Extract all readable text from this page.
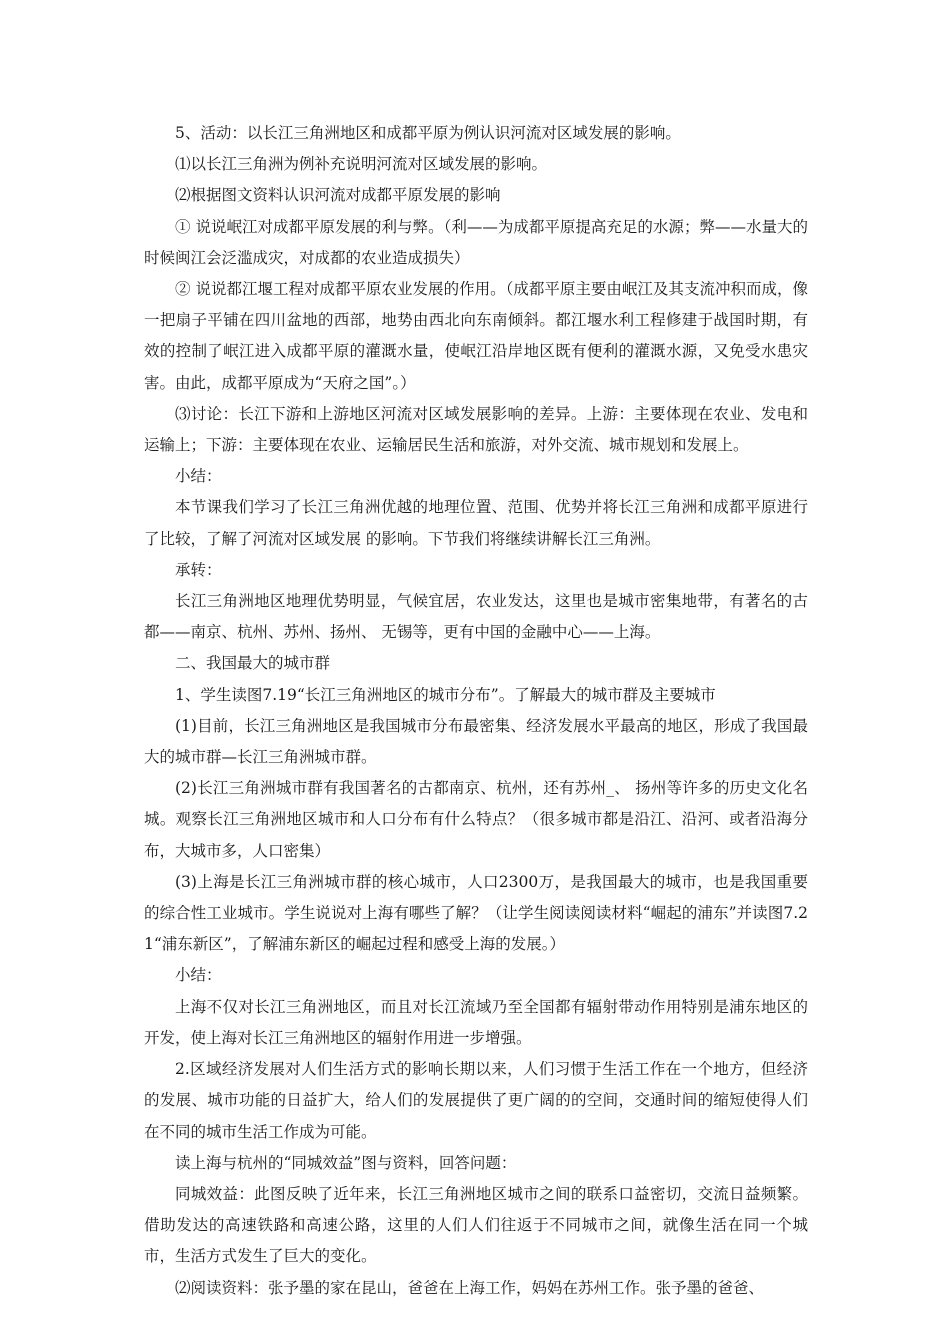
5、活动：以长江三角洲地区和成都平原为例认识河流对区域发展的影响。

⑴以长江三角洲为例补充说明河流对区域发展的影响。

⑵根据图文资料认识河流对成都平原发展的影响

① 说说岷江对成都平原发展的利与弊。（利——为成都平原提高充足的水源；弊——水量大的时候闽江会泛滥成灾，对成都的农业造成损失）

② 说说都江堰工程对成都平原农业发展的作用。（成都平原主要由岷江及其支流冲积而成，像一把扇子平铺在四川盆地的西部，地势由西北向东南倾斜。都江堰水利工程修建于战国时期，有效的控制了岷江进入成都平原的灌溉水量，使岷江沿岸地区既有便利的灌溉水源，又免受水患灾害。由此，成都平原成为“天府之国”。）

⑶讨论：长江下游和上游地区河流对区域发展影响的差异。上游：主要体现在农业、发电和运输上；下游：主要体现在农业、运输居民生活和旅游，对外交流、城市规划和发展上。

小结：

本节课我们学习了长江三角洲优越的地理位置、范围、优势并将长江三角洲和成都平原进行了比较，了解了河流对区域发展 的影响。下节我们将继续讲解长江三角洲。

承转：

长江三角洲地区地理优势明显，气候宜居，农业发达，这里也是城市密集地带，有著名的古都——南京、杭州、苏州、扬州、 无锡等，更有中国的金融中心——上海。

二、我国最大的城市群

1、学生读图7.19“长江三角洲地区的城市分布”。了解最大的城市群及主要城市

(1)目前，长江三角洲地区是我国城市分布最密集、经济发展水平最高的地区，形成了我国最大的城市群—长江三角洲城市群。

(2)长江三角洲城市群有我国著名的古都南京、杭州，还有苏州_、 扬州等许多的历史文化名城。观察长江三角洲地区城市和人口分布有什么特点？（很多城市都是沿江、沿河、或者沿海分布，大城市多，人口密集）

(3)上海是长江三角洲城市群的核心城市，人口2300万，是我国最大的城市，也是我国重要的综合性工业城市。学生说说对上海有哪些了解？（让学生阅读阅读材料“崛起的浦东”并读图7.21“浦东新区”，了解浦东新区的崛起过程和感受上海的发展。）

小结：

上海不仅对长江三角洲地区，而且对长江流域乃至全国都有辐射带动作用特别是浦东地区的开发，使上海对长江三角洲地区的辐射作用进一步增强。

2.区域经济发展对人们生活方式的影响长期以来，人们习惯于生活工作在一个地方，但经济的发展、城市功能的日益扩大，给人们的发展提供了更广阔的的空间，交通时间的缩短使得人们在不同的城市生活工作成为可能。

读上海与杭州的“同城效益”图与资料，回答问题：

同城效益：此图反映了近年来，长江三角洲地区城市之间的联系口益密切，交流日益频繁。借助发达的高速铁路和高速公路，这里的人们人们往返于不同城市之间，就像生活在同一个城市，生活方式发生了巨大的变化。

⑵阅读资料：张予墨的家在昆山，爸爸在上海工作，妈妈在苏州工作。张予墨的爸爸、
